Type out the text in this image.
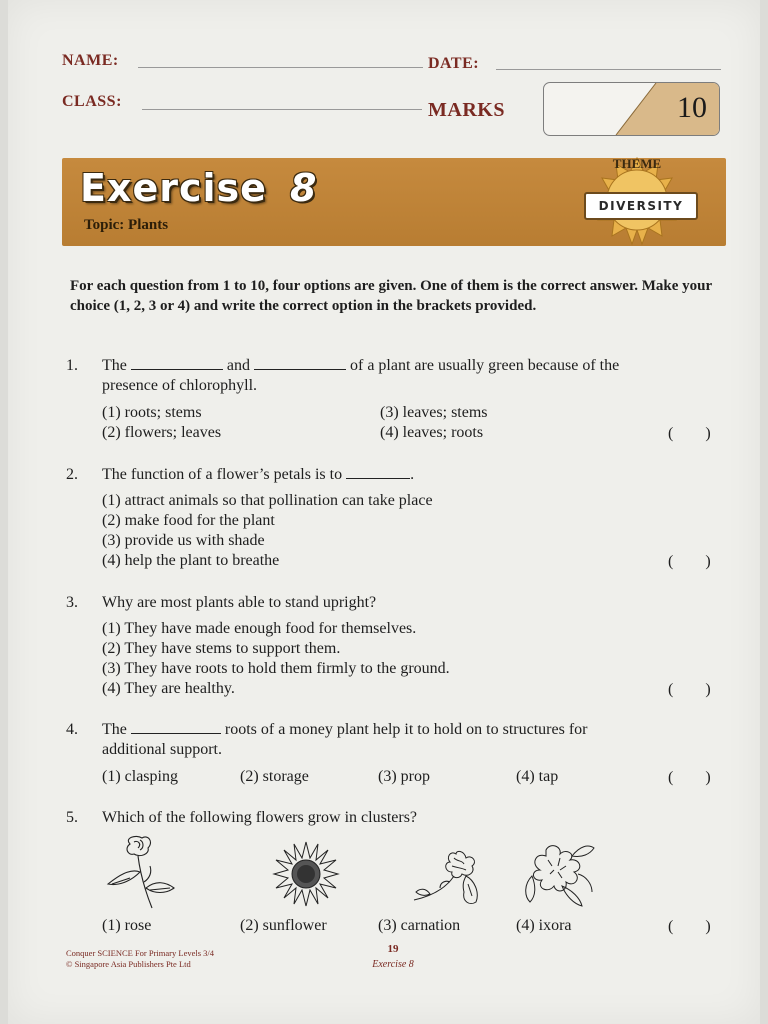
NAME:	DATE:
CLASS:	MARKS	10
Exercise 8
Topic: Plants
THEME
DIVERSITY
For each question from 1 to 10, four options are given. One of them is the correct answer. Make your choice (1, 2, 3 or 4) and write the correct option in the brackets provided.
1. The	and	of a plant are usually green because of the
presence of chlorophyll.
(1) roots; stems
(2) flowers; leaves
(3) leaves; stems
(4) leaves; roots	( )
2. The function of a flower’s petals is to	.
(1) attract animals so that pollination can take place
(2) make food for the plant
(3) provide us with shade
(4) help the plant to breathe	( )
3. Why are most plants able to stand upright?
(1) They have made enough food for themselves.
(2) They have stems to support them.
(3) They have roots to hold them firmly to the ground.
(4) They are healthy.	( )
4. The	roots of a money plant help it to hold on to structures for
additional support.
(1) clasping	(2) storage	(3) prop	(4) tap	( )
5. Which of the following flowers grow in clusters?
(1) rose	(2) sunflower	(3) carnation	(4) ixora	( )
Conquer SCIENCE For Primary Levels 3/4
© Singapore Asia Publishers Pte Ltd
19
Exercise 8
